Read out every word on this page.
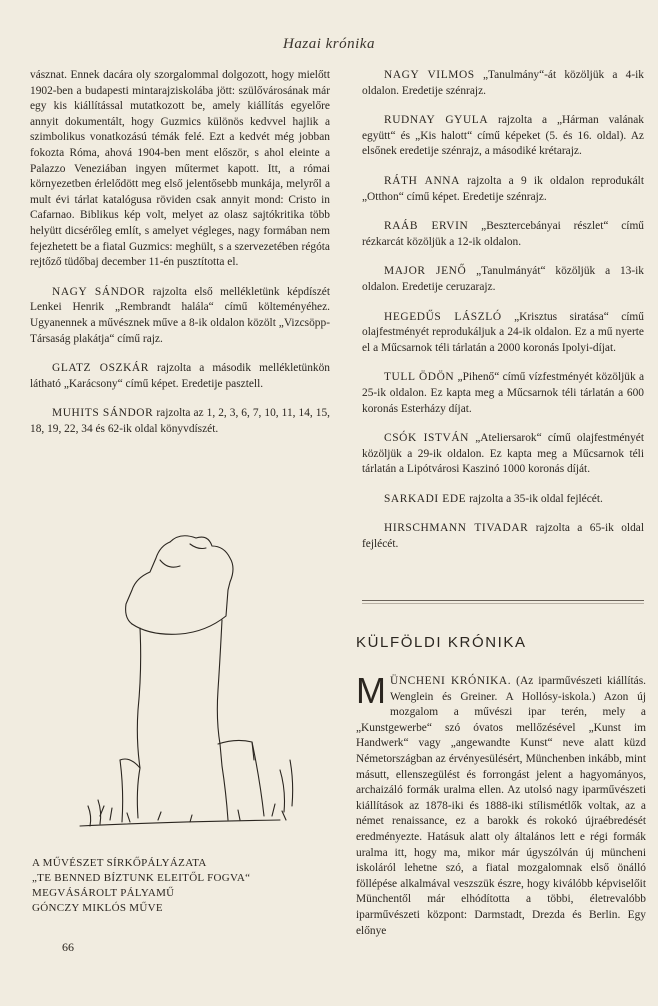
Hazai krónika

vásznat. Ennek dacára oly szorgalommal dolgozott, hogy mielőtt 1902-ben a budapesti mintarajziskolába jött: szülővárosának már egy kis kiállítással mutatkozott be, amely kiállítás egyelőre annyit dokumentált, hogy Guzmics különös kedvvel hajlik a szimbolikus vonatkozású témák felé. Ezt a kedvét még jobban fokozta Róma, ahová 1904-ben ment először, s ahol eleinte a Palazzo Veneziában ingyen műtermet kapott. Itt, a római környezetben érlelődött meg első jelentősebb munkája, melyről a mult évi tárlat katalógusa röviden csak annyit mond: Cristo in Cafarnao. Biblikus kép volt, melyet az olasz sajtókritika több helyütt dicsérőleg említ, s amelyet végleges, nagy formában nem fejezhetett be a fiatal Guzmics: meghült, s a szervezetében régóta rejtőző tüdőbaj december 11-én pusztította el.

NAGY SÁNDOR rajzolta első mellékletünk képdíszét Lenkei Henrik „Rembrandt halála“ című költeményéhez. Ugyanennek a művésznek műve a 8-ik oldalon közölt „Vizcsöpp-Társaság plakátja“ című rajz.

GLATZ OSZKÁR rajzolta a második mellékletünkön látható „Karácsony“ című képet. Eredetije pasztell.

MUHITS SÁNDOR rajzolta az 1, 2, 3, 6, 7, 10, 11, 14, 15, 18, 19, 22, 34 és 62-ik oldal könyvdíszét.

A MŰVÉSZET SÍRKŐPÁLYÁZATA
„TE BENNED BÍZTUNK ELEITŐL FOGVA“
MEGVÁSÁROLT PÁLYAMŰ
GÓNCZY MIKLÓS MŰVE
66

NAGY VILMOS „Tanulmány“-át közöljük a 4-ik oldalon. Eredetije szénrajz.

RUDNAY GYULA rajzolta a „Hárman valának együtt“ és „Kis halott“ című képeket (5. és 16. oldal). Az elsőnek eredetije szénrajz, a másodiké krétarajz.

RÁTH ANNA rajzolta a 9 ik oldalon reprodukált „Otthon“ című képet. Eredetije szénrajz.

RAÁB ERVIN „Besztercebányai részlet“ című rézkarcát közöljük a 12-ik oldalon.

MAJOR JENŐ „Tanulmányát“ közöljük a 13-ik oldalon. Eredetije ceruzarajz.

HEGEDŰS LÁSZLÓ „Krisztus siratása“ című olajfestményét reprodukáljuk a 24-ik oldalon. Ez a mű nyerte el a Műcsarnok téli tárlatán a 2000 koronás Ipolyi-díjat.

TULL ÖDÖN „Pihenő“ című vízfestményét közöljük a 25-ik oldalon. Ez kapta meg a Műcsarnok téli tárlatán a 600 koronás Esterházy díjat.

CSÓK ISTVÁN „Ateliersarok“ című olajfestményét közöljük a 29-ik oldalon. Ez kapta meg a Műcsarnok téli tárlatán a Lipótvárosi Kaszinó 1000 koronás díját.

SARKADI EDE rajzolta a 35-ik oldal fejlécét.

HIRSCHMANN TIVADAR rajzolta a 65-ik oldal fejlécét.

KÜLFÖLDI KRÓNIKA

MÜNCHENI KRÓNIKA. (Az iparművészeti kiállítás. Wenglein és Greiner. A Hollósy-iskola.) Azon új mozgalom a művészi ipar terén, mely a „Kunstgewerbe“ szó óvatos mellőzésével „Kunst im Handwerk“ vagy „angewandte Kunst“ neve alatt küzd Németországban az érvényesülésért, Münchenben inkább, mint másutt, ellenszegülést és forrongást jelent a hagyományos, archaizáló formák uralma ellen. Az utolsó nagy iparművészeti kiállítások az 1878-iki és 1888-iki stílismétlők voltak, az a német renaissance, ez a barokk és rokokó újraébredését eredményezte. Hatásuk alatt oly általános lett e régi formák uralma itt, hogy ma, mikor már úgyszólván új müncheni iskoláról lehetne szó, a fiatal mozgalomnak első önálló föllépése alkalmával veszszük észre, hogy kiválóbb képviselőit Münchentől már elhódította a többi, életrevalóbb iparművészeti központ: Darmstadt, Drezda és Berlin. Egy előnye
